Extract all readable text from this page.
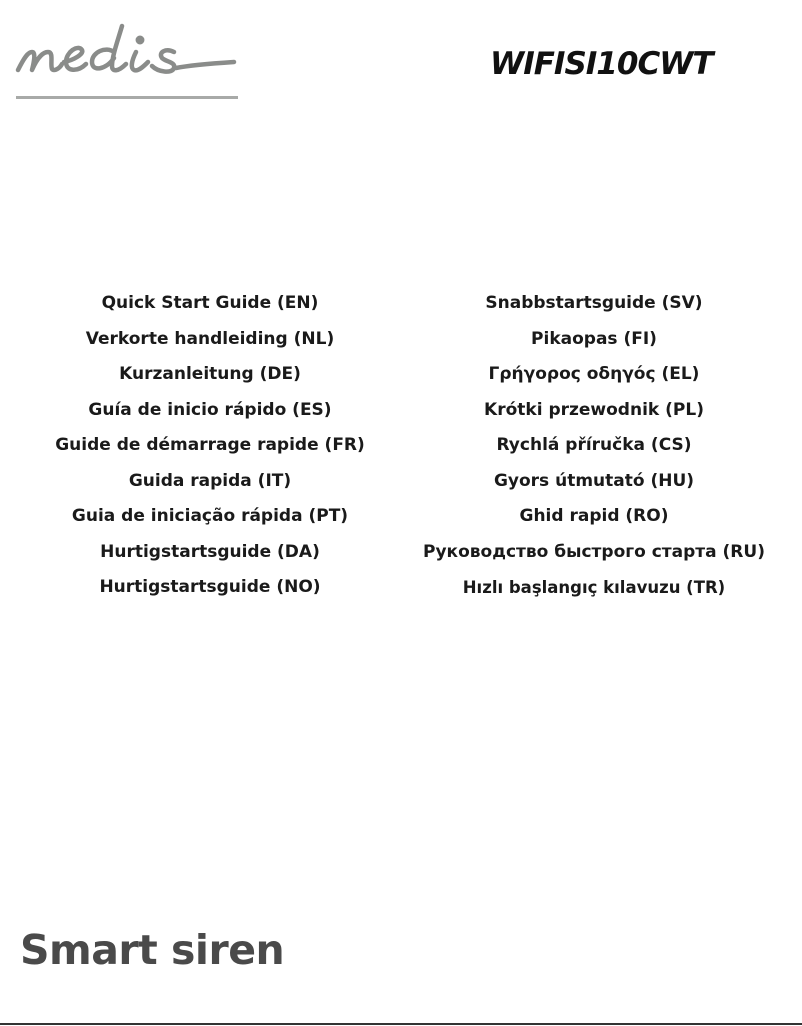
WIFISI10CWT
Quick Start Guide (EN)
Verkorte handleiding (NL)
Kurzanleitung (DE)
Guía de inicio rápido (ES)
Guide de démarrage rapide (FR)
Guida rapida (IT)
Guia de iniciação rápida (PT)
Hurtigstartsguide (DA)
Hurtigstartsguide (NO)
Snabbstartsguide (SV)
Pikaopas (FI)
Γρήγορος οδηγός (EL)
Krótki przewodnik (PL)
Rychlá příručka (CS)
Gyors útmutató (HU)
Ghid rapid (RO)
Руководство быстрого старта (RU)
Hızlı başlangıç kılavuzu (TR)
Smart siren
